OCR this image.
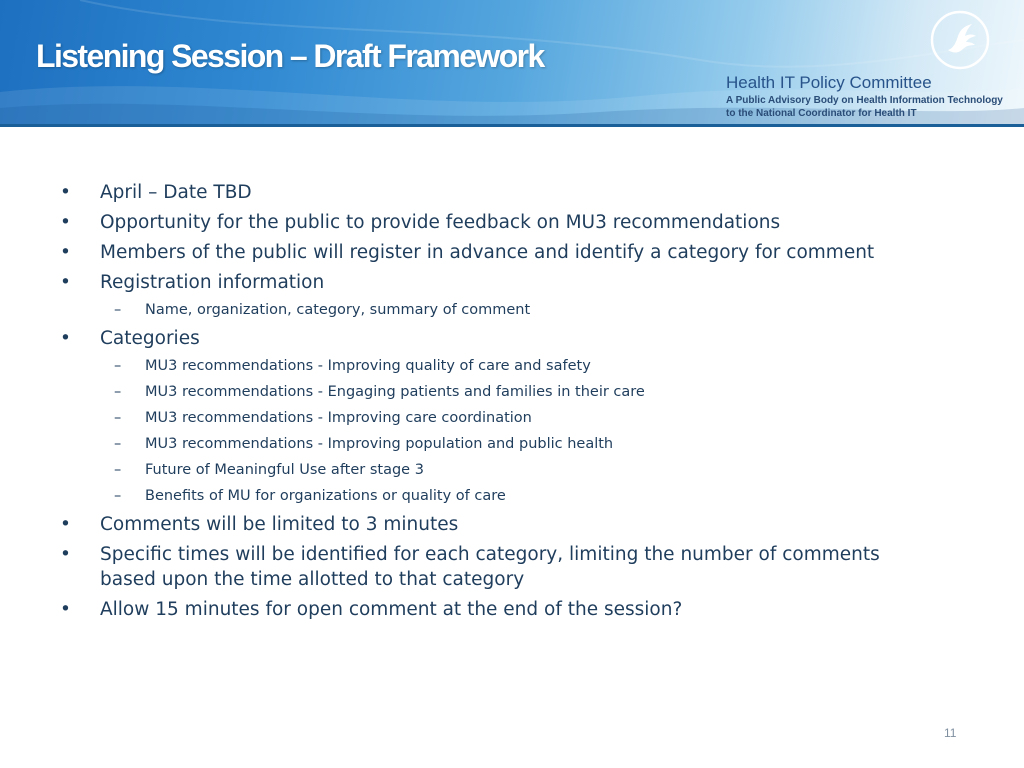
Listening Session – Draft Framework
Health IT Policy Committee
A Public Advisory Body on Health Information Technology
to the National Coordinator for Health IT
• April – Date TBD
• Opportunity for the public to provide feedback on MU3 recommendations
• Members of the public will register in advance and identify a category for comment
• Registration information
– Name, organization, category, summary of comment
• Categories
– MU3 recommendations - Improving quality of care and safety
– MU3 recommendations - Engaging patients and families in their care
– MU3 recommendations - Improving care coordination
– MU3 recommendations - Improving population and public health
– Future of Meaningful Use after stage 3
– Benefits of MU for organizations or quality of care
• Comments will be limited to 3 minutes
• Specific times will be identified for each category, limiting the number of comments based upon the time allotted to that category
• Allow 15 minutes for open comment at the end of the session?
11
